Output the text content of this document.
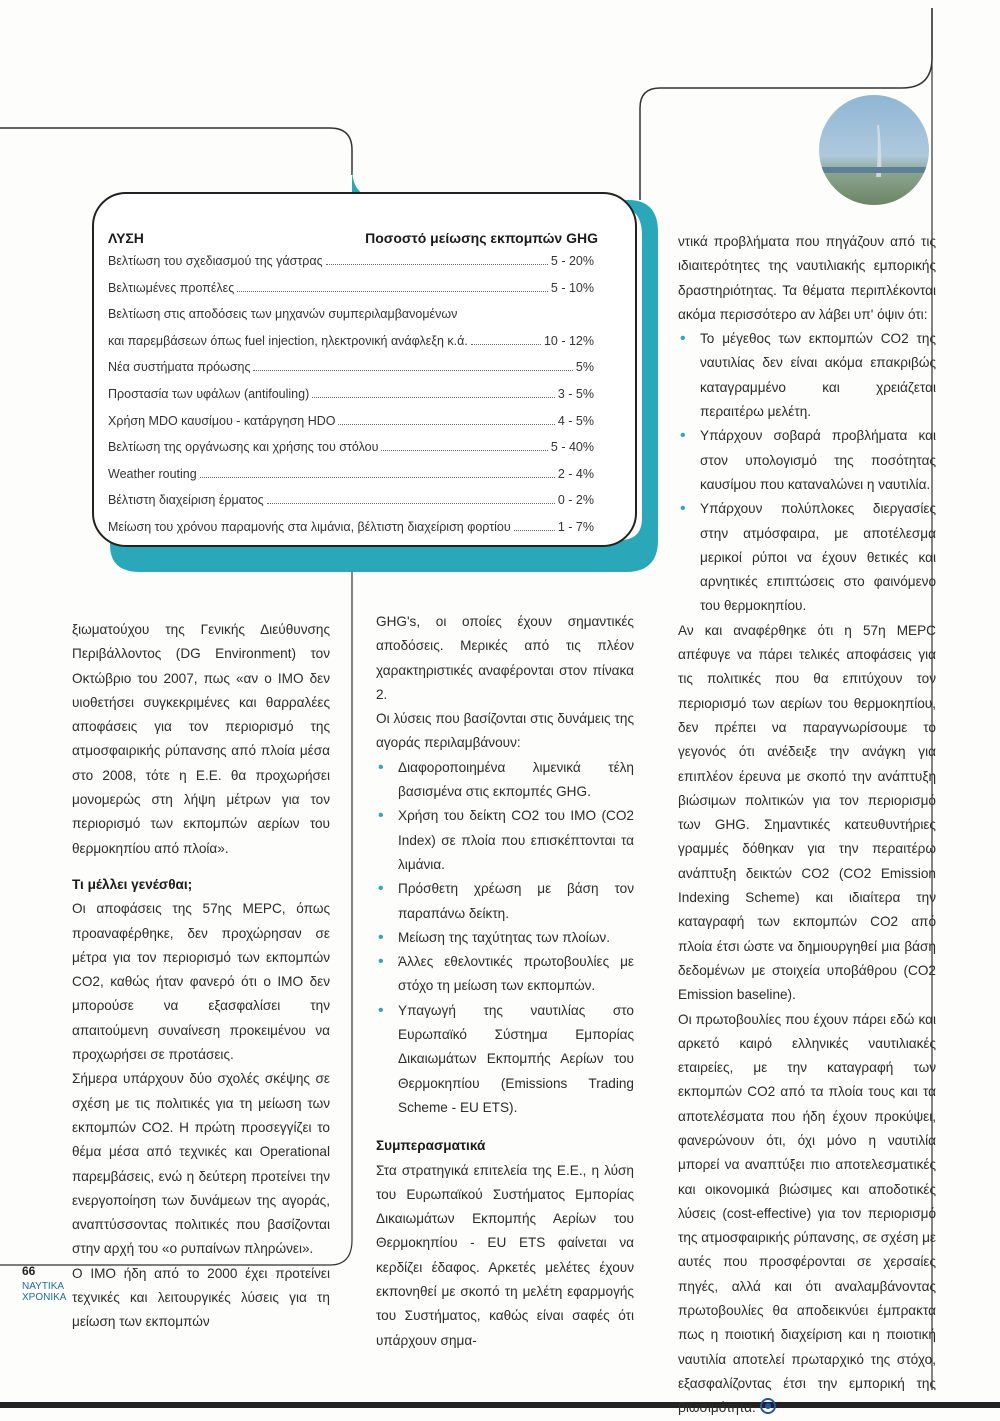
ΛΥΣΗ	Ποσοστό μείωσης εκπομπών GHG
Βελτίωση του σχεδιασμού της γάστρας	5 - 20%
Βελτιωμένες προπέλες	5 - 10%
Βελτίωση στις αποδόσεις των μηχανών συμπεριλαμβανομένων
και παρεμβάσεων όπως fuel injection, ηλεκτρονική ανάφλεξη κ.ά.	10 - 12%
Νέα συστήματα πρόωσης	5%
Προστασία των υφάλων (antifouling)	3 - 5%
Χρήση MDO καυσίμου - κατάργηση HDO	4 - 5%
Βελτίωση της οργάνωσης και χρήσης του στόλου	5 - 40%
Weather routing	2 - 4%
Βέλτιστη διαχείριση έρματος	0 - 2%
Μείωση του χρόνου παραμονής στα λιμάνια, βέλτιστη διαχείριση φορτίου	1 - 7%

ξιωματούχου της Γενικής Διεύθυνσης Περιβάλλοντος (DG Environment) τον Οκτώβριο του 2007, πως «αν ο IMO δεν υιοθετήσει συγκεκριμένες και θαρραλέες αποφάσεις για τον περιορισμό της ατμοσφαιρικής ρύπανσης από πλοία μέσα στο 2008, τότε η Ε.Ε. θα προχωρήσει μονομερώς στη λήψη μέτρων για τον περιορισμό των εκπομπών αερίων του θερμοκηπίου από πλοία».

Τι μέλλει γενέσθαι;

Οι αποφάσεις της 57ης MEPC, όπως προαναφέρθηκε, δεν προχώρησαν σε μέτρα για τον περιορισμό των εκπομπών CO2, καθώς ήταν φανερό ότι ο IMO δεν μπορούσε να εξασφαλίσει την απαιτούμενη συναίνεση προκειμένου να προχωρήσει σε προτάσεις.

Σήμερα υπάρχουν δύο σχολές σκέψης σε σχέση με τις πολιτικές για τη μείωση των εκπομπών CO2. Η πρώτη προσεγγίζει το θέμα μέσα από τεχνικές και Operational παρεμβάσεις, ενώ η δεύτερη προτείνει την ενεργοποίηση των δυνάμεων της αγοράς, αναπτύσσοντας πολιτικές που βασίζονται στην αρχή του «ο ρυπαίνων πληρώνει».

Ο IMO ήδη από το 2000 έχει προτείνει τεχνικές και λειτουργικές λύσεις για τη μείωση των εκπομπών

GHG's, οι οποίες έχουν σημαντικές αποδόσεις. Μερικές από τις πλέον χαρακτηριστικές αναφέρονται στον πίνακα 2.

Οι λύσεις που βασίζονται στις δυνάμεις της αγοράς περιλαμβάνουν:

• Διαφοροποιημένα λιμενικά τέλη βασισμένα στις εκπομπές GHG.
• Χρήση του δείκτη CO2 του IMO (CO2 Index) σε πλοία που επισκέπτονται τα λιμάνια.
• Πρόσθετη χρέωση με βάση τον παραπάνω δείκτη.
• Μείωση της ταχύτητας των πλοίων.
• Άλλες εθελοντικές πρωτοβουλίες με στόχο τη μείωση των εκπομπών.
• Υπαγωγή της ναυτιλίας στο Ευρωπαϊκό Σύστημα Εμπορίας Δικαιωμάτων Εκπομπής Αερίων του Θερμοκηπίου (Emissions Trading Scheme - EU ETS).

Συμπερασματικά

Στα στρατηγικά επιτελεία της Ε.Ε., η λύση του Ευρωπαϊκού Συστήματος Εμπορίας Δικαιωμάτων Εκπομπής Αερίων του Θερμοκηπίου - EU ETS φαίνεται να κερδίζει έδαφος. Αρκετές μελέτες έχουν εκπονηθεί με σκοπό τη μελέτη εφαρμογής του Συστήματος, καθώς είναι σαφές ότι υπάρχουν σημα-

ντικά προβλήματα που πηγάζουν από τις ιδιαιτερότητες της ναυτιλιακής εμπορικής δραστηριότητας. Τα θέματα περιπλέκονται ακόμα περισσότερο αν λάβει υπ' όψιν ότι:

• Το μέγεθος των εκπομπών CO2 της ναυτιλίας δεν είναι ακόμα επακριβώς καταγραμμένο και χρειάζεται περαιτέρω μελέτη.
• Υπάρχουν σοβαρά προβλήματα και στον υπολογισμό της ποσότητας καυσίμου που καταναλώνει η ναυτιλία.
• Υπάρχουν πολύπλοκες διεργασίες στην ατμόσφαιρα, με αποτέλεσμα μερικοί ρύποι να έχουν θετικές και αρνητικές επιπτώσεις στο φαινόμενο του θερμοκηπίου.

Αν και αναφέρθηκε ότι η 57η MEPC απέφυγε να πάρει τελικές αποφάσεις για τις πολιτικές που θα επιτύχουν τον περιορισμό των αερίων του θερμοκηπίου, δεν πρέπει να παραγνωρίσουμε το γεγονός ότι ανέδειξε την ανάγκη για επιπλέον έρευνα με σκοπό την ανάπτυξη βιώσιμων πολιτικών για τον περιορισμό των GHG. Σημαντικές κατευθυντήριες γραμμές δόθηκαν για την περαιτέρω ανάπτυξη δεικτών CO2 (CO2 Emission Indexing Scheme) και ιδιαίτερα την καταγραφή των εκπομπών CO2 από πλοία έτσι ώστε να δημιουργηθεί μια βάση δεδομένων με στοιχεία υποβάθρου (CO2 Emission baseline).

Οι πρωτοβουλίες που έχουν πάρει εδώ και αρκετό καιρό ελληνικές ναυτιλιακές εταιρείες, με την καταγραφή των εκπομπών CO2 από τα πλοία τους και τα αποτελέσματα που ήδη έχουν προκύψει, φανερώνουν ότι, όχι μόνο η ναυτιλία μπορεί να αναπτύξει πιο αποτελεσματικές και οικονομικά βιώσιμες και αποδοτικές λύσεις (cost-effective) για τον περιορισμό της ατμοσφαιρικής ρύπανσης, σε σχέση με αυτές που προσφέρονται σε χερσαίες πηγές, αλλά και ότι αναλαμβάνοντας πρωτοβουλίες θα αποδεικνύει έμπρακτα πως η ποιοτική διαχείριση και η ποιοτική ναυτιλία αποτελεί πρωταρχικό της στόχο, εξασφαλίζοντας έτσι την εμπορική της βιωσιμότητα.

66
ΝΑΥΤΙΚΑ
ΧΡΟΝΙΚΑ
